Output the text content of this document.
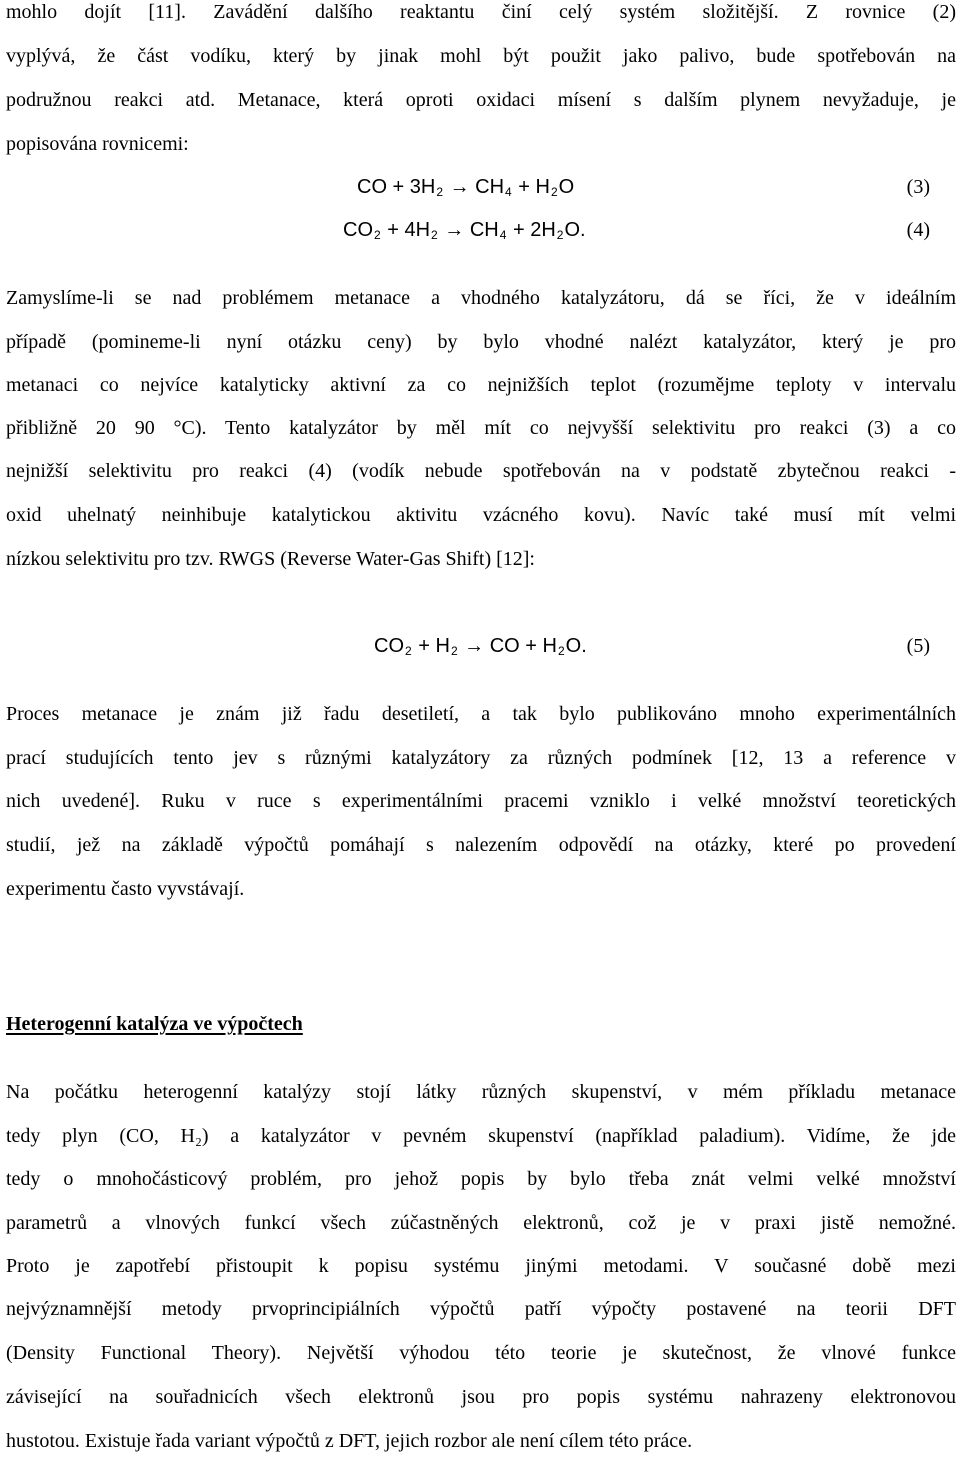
mohlo dojít [11]. Zavádění dalšího reaktantu činí celý systém složitější. Z rovnice (2)
vyplývá, že část vodíku, který by jinak mohl být použit jako palivo, bude spotřebován na
podružnou reakci atd. Metanace, která oproti oxidaci mísení s dalším plynem nevyžaduje, je
popisována rovnicemi:
CO + $3H_2 \to CH_4 + H_2O$	(3)
$CO_2 + 4H_2 \to CH_4 + 2H_2O$.	(4)
Zamyslíme-li se nad problémem metanace a vhodného katalyzátoru, dá se říci, že v ideálním
případě (pomineme-li nyní otázku ceny) by bylo vhodné nalézt katalyzátor, který je pro
metanaci co nejvíce katalyticky aktivní za co nejnižších teplot (rozumějme teploty v intervalu
přibližně 20 90 °C). Tento katalyzátor by měl mít co nejvyšší selektivitu pro reakci (3) a co
nejnižší selektivitu pro reakci (4) (vodík nebude spotřebován na v podstatě zbytečnou reakci -
oxid uhelnatý neinhibuje katalytickou aktivitu vzácného kovu). Navíc také musí mít velmi
nízkou selektivitu pro tzv. RWGS (Reverse Water-Gas Shift) [12]:
$CO_2 + H_2$ → CO + $H_2O$.	(5)
Proces metanace je znám již řadu desetiletí, a tak bylo publikováno mnoho experimentálních
prací studujících tento jev s různými katalyzátory za různých podmínek [12, 13 a reference v
nich uvedené]. Ruku v ruce s experimentálními pracemi vzniklo i velké množství teoretických
studií, jež na základě výpočtů pomáhají s nalezením odpovědí na otázky, které po provedení
experimentu často vyvstávají.
Heterogenní katalýza ve výpočtech
Na počátku heterogenní katalýzy stojí látky různých skupenství, v mém příkladu metanace
tedy plyn (CO, H₂) a katalyzátor v pevném skupenství (například paladium). Vidíme, že jde
tedy o mnohočásticový problém, pro jehož popis by bylo třeba znát velmi velké množství
parametrů a vlnových funkcí všech zúčastněných elektronů, což je v praxi jistě nemožné.
Proto je zapotřebí přistoupit k popisu systému jinými metodami. V současné době mezi
nejvýznamnější metody prvoprincipiálních výpočtů patří výpočty postavené na teorii DFT
(Density Functional Theory). Největší výhodou této teorie je skutečnost, že vlnové funkce
závisející na souřadnicích všech elektronů jsou pro popis systému nahrazeny elektronovou
hustotou. Existuje řada variant výpočtů z DFT, jejich rozbor ale není cílem této práce.
